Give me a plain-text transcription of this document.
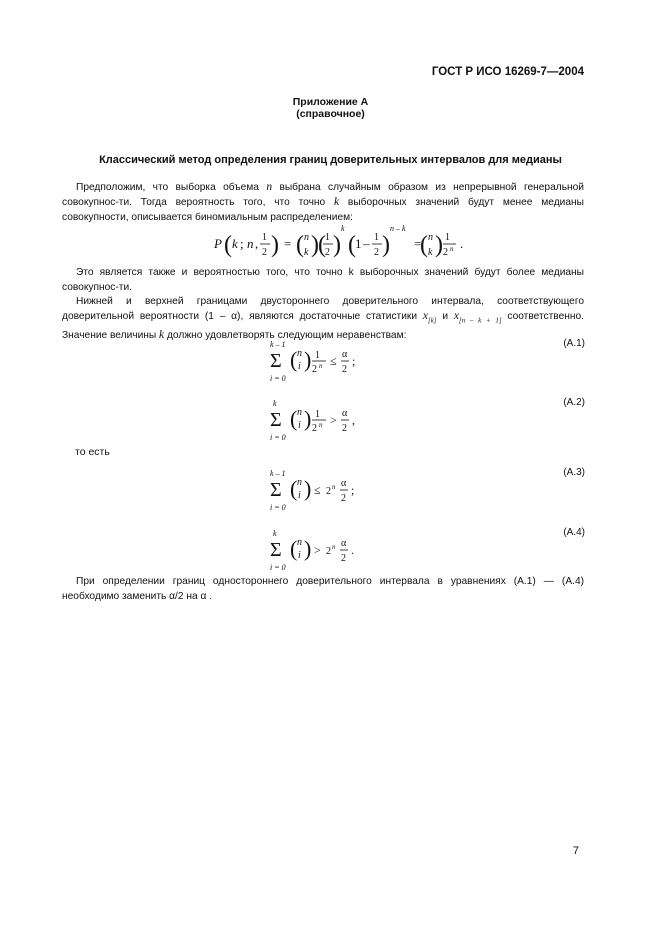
ГОСТ Р ИСО 16269-7—2004
Приложение А
(справочное)
Классический метод определения границ доверительных интервалов для медианы
Предположим, что выборка объема n выбрана случайным образом из непрерывной генеральной совокупнос-ти. Тогда вероятность того, что точно k выборочных значений будут менее медианы совокупности, описывается биномиальным распределением:
P ( k ; n , 1
2 ) = ( n
k ) ( 1
2 )
k
( 1 – 1
2 )
n – k
=
( n
k ) 1
2 n .
Это является также и вероятностью того, что точно k выборочных значений будут более медианы совокупнос-ти.
Нижней и верхней границами двустороннего доверительного интервала, соответствующего доверительной вероятности (1 – α), являются достаточные статистики $x_{[k]}$ и $x_{[n - k + 1]}$ соответственно. Значение величины k должно удовлетворять следующим неравенствам:
k – 1
Σ
i = 0
( n
i ) 1
2 n ≤ α
2
;
(А.1)
k
Σ
i = 0
( n
i ) 1
2 n > α
2
,
(А.2)
то есть
k – 1
Σ
i = 0
( n
i ) ≤ 2 n α
2
;
(А.3)
k
Σ
i = 0
( n
i ) > 2 n α
2
.
(А.4)
При определении границ одностороннего доверительного интервала в уравнениях (А.1) — (А.4) необходимо заменить α/2 на α .
7
